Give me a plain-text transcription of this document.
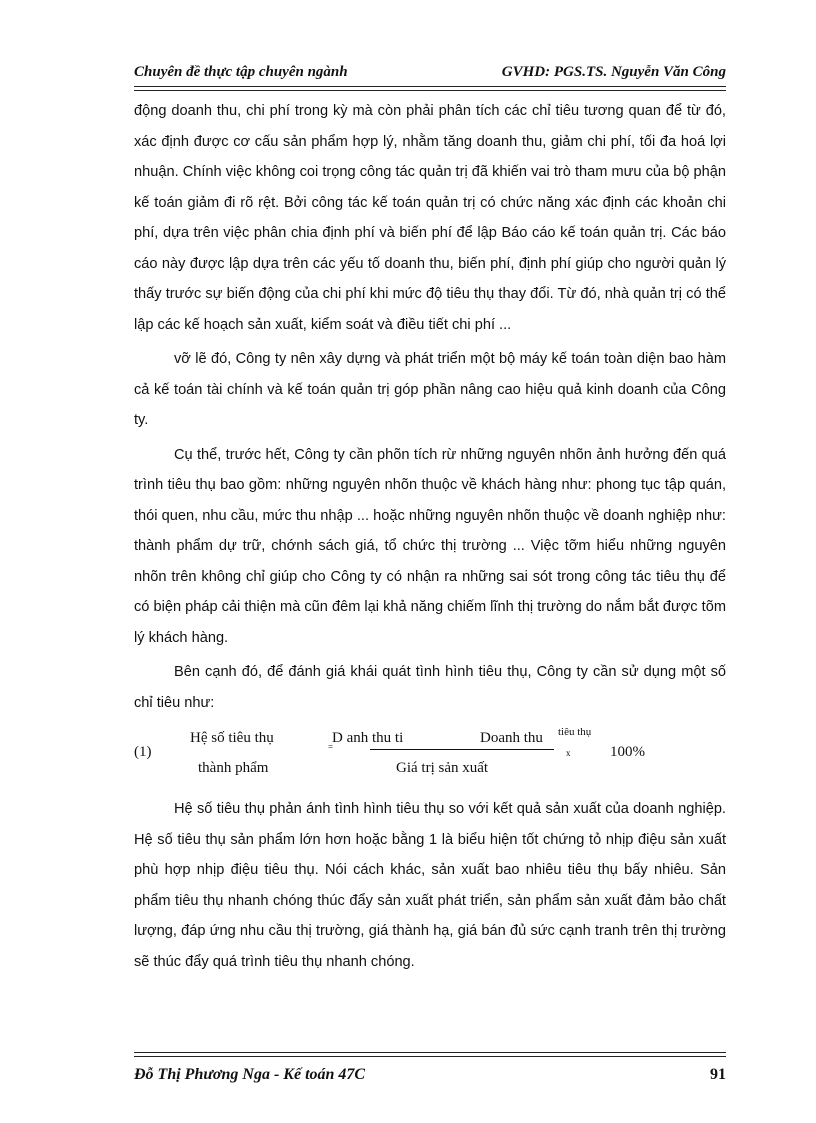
Chuyên đề thực tập chuyên ngành	GVHD: PGS.TS. Nguyễn Văn Công

động doanh thu, chi phí trong kỳ mà còn phải phân tích các chỉ tiêu tương quan để từ đó, xác định được cơ cấu sản phẩm hợp lý, nhằm tăng doanh thu, giảm chi phí, tối đa hoá lợi nhuận. Chính việc không coi trọng công tác quản trị đã khiến vai trò tham mưu của bộ phận kế toán giảm đi rõ rệt. Bởi công tác kế toán quản trị có chức năng xác định các khoản chi phí, dựa trên việc phân chia định phí và biến phí để lập Báo cáo kế toán quản trị. Các báo cáo này được lập dựa trên các yếu tố doanh thu, biến phí, định phí giúp cho người quản lý thấy trước sự biến động của chi phí khi mức độ tiêu thụ thay đổi. Từ đó, nhà quản trị có thể lập các kế hoạch sản xuất, kiểm soát và điều tiết chi phí ...

vỡ lẽ đó, Công ty nên xây dựng và phát triển một bộ máy kế toán toàn diện bao hàm cả kế toán tài chính và kế toán quản trị góp phần nâng cao hiệu quả kinh doanh của Công ty.

Cụ thể, trước hết, Công ty cần phõn tích rừ những nguyên nhõn ảnh hưởng đến quá trình tiêu thụ bao gồm: những nguyên nhõn thuộc về khách hàng như: phong tục tập quán, thói quen, nhu cầu, mức thu nhập ... hoặc những nguyên nhõn thuộc về doanh nghiệp như: thành phẩm dự trữ, chớnh sách giá, tổ chức thị trường ... Việc tỡm hiểu những nguyên nhõn trên không chỉ giúp cho Công ty có nhận ra những sai sót trong công tác tiêu thụ để có biện pháp cải thiện mà cũn đêm lại khả năng chiếm lĩnh thị trường do nắm bắt được tõm lý khách hàng.

Bên cạnh đó, để đánh giá khái quát tình hình tiêu thụ, Công ty cần sử dụng một số chỉ tiêu như:

(1)
Hệ số tiêu thụ
thành phẩm
=
D anh thu ti	Doanh thu tiêu thụ
Giá trị sản xuất
x	100%

Hệ số tiêu thụ phản ánh tình hình tiêu thụ so với kết quả sản xuất của doanh nghiệp. Hệ số tiêu thụ sản phẩm lớn hơn hoặc bằng 1 là biểu hiện tốt chứng tỏ nhịp điệu sản xuất phù hợp nhịp điệu tiêu thụ. Nói cách khác, sản xuất bao nhiêu tiêu thụ bấy nhiêu. Sản phẩm tiêu thụ nhanh chóng thúc đẩy sản xuất phát triển, sản phẩm sản xuất đảm bảo chất lượng, đáp ứng nhu cầu thị trường, giá thành hạ, giá bán đủ sức cạnh tranh trên thị trường sẽ thúc đẩy quá trình tiêu thụ nhanh chóng.

Đỗ Thị Phương Nga - Kế toán 47C	91
